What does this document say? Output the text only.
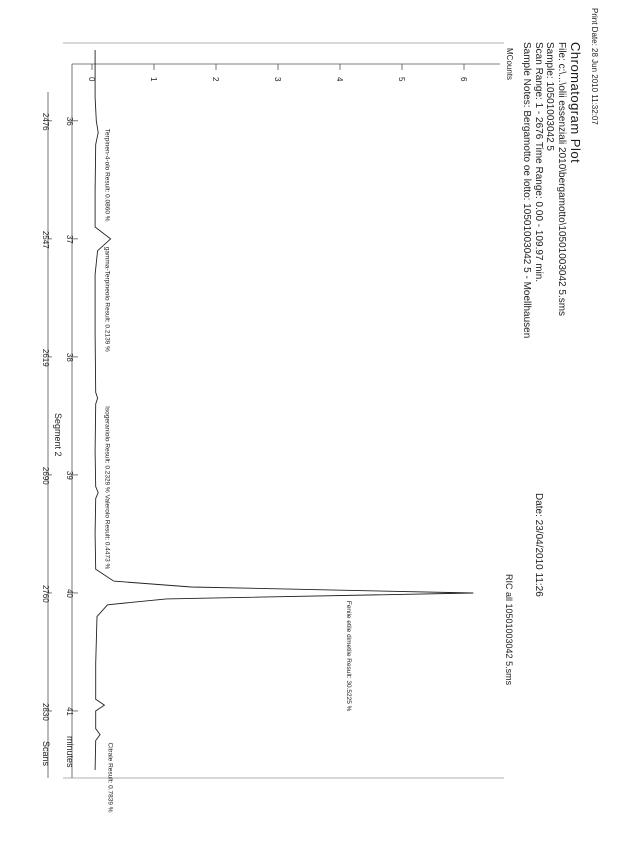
Print Date: 28 Jun 2010 11:32:07
Chromatogram Plot
File: c:\...\olii essenziali 2010\bergamotto\10501003042 5.sms
Sample: 10501003042 5
Scan Range: 1 - 2676 Time Range: 0.00 - 109.97 min.
Sample Notes: Bergamotto oe lotto: 10501003042 5 - Moellhausen
Date: 23/04/2010 11:26
RIC all 10501003042 5.sms
MCounts
0	1	2	3	4	5	6
36
37
38
39
40
41
2476
2547
2619
2690
2760
2830
Terpinen-4-olo Result: 0.0860 %
gamma-Terpineolo Result: 0.2139 %
Isogeraniolo Result: 0.2329 %
Valerolo Result: 0.4473 %
Fenile etile dimetile Result: 30.5225 %
Citrale Result: 0.7839 %
minutes
Scans
Segment 2
